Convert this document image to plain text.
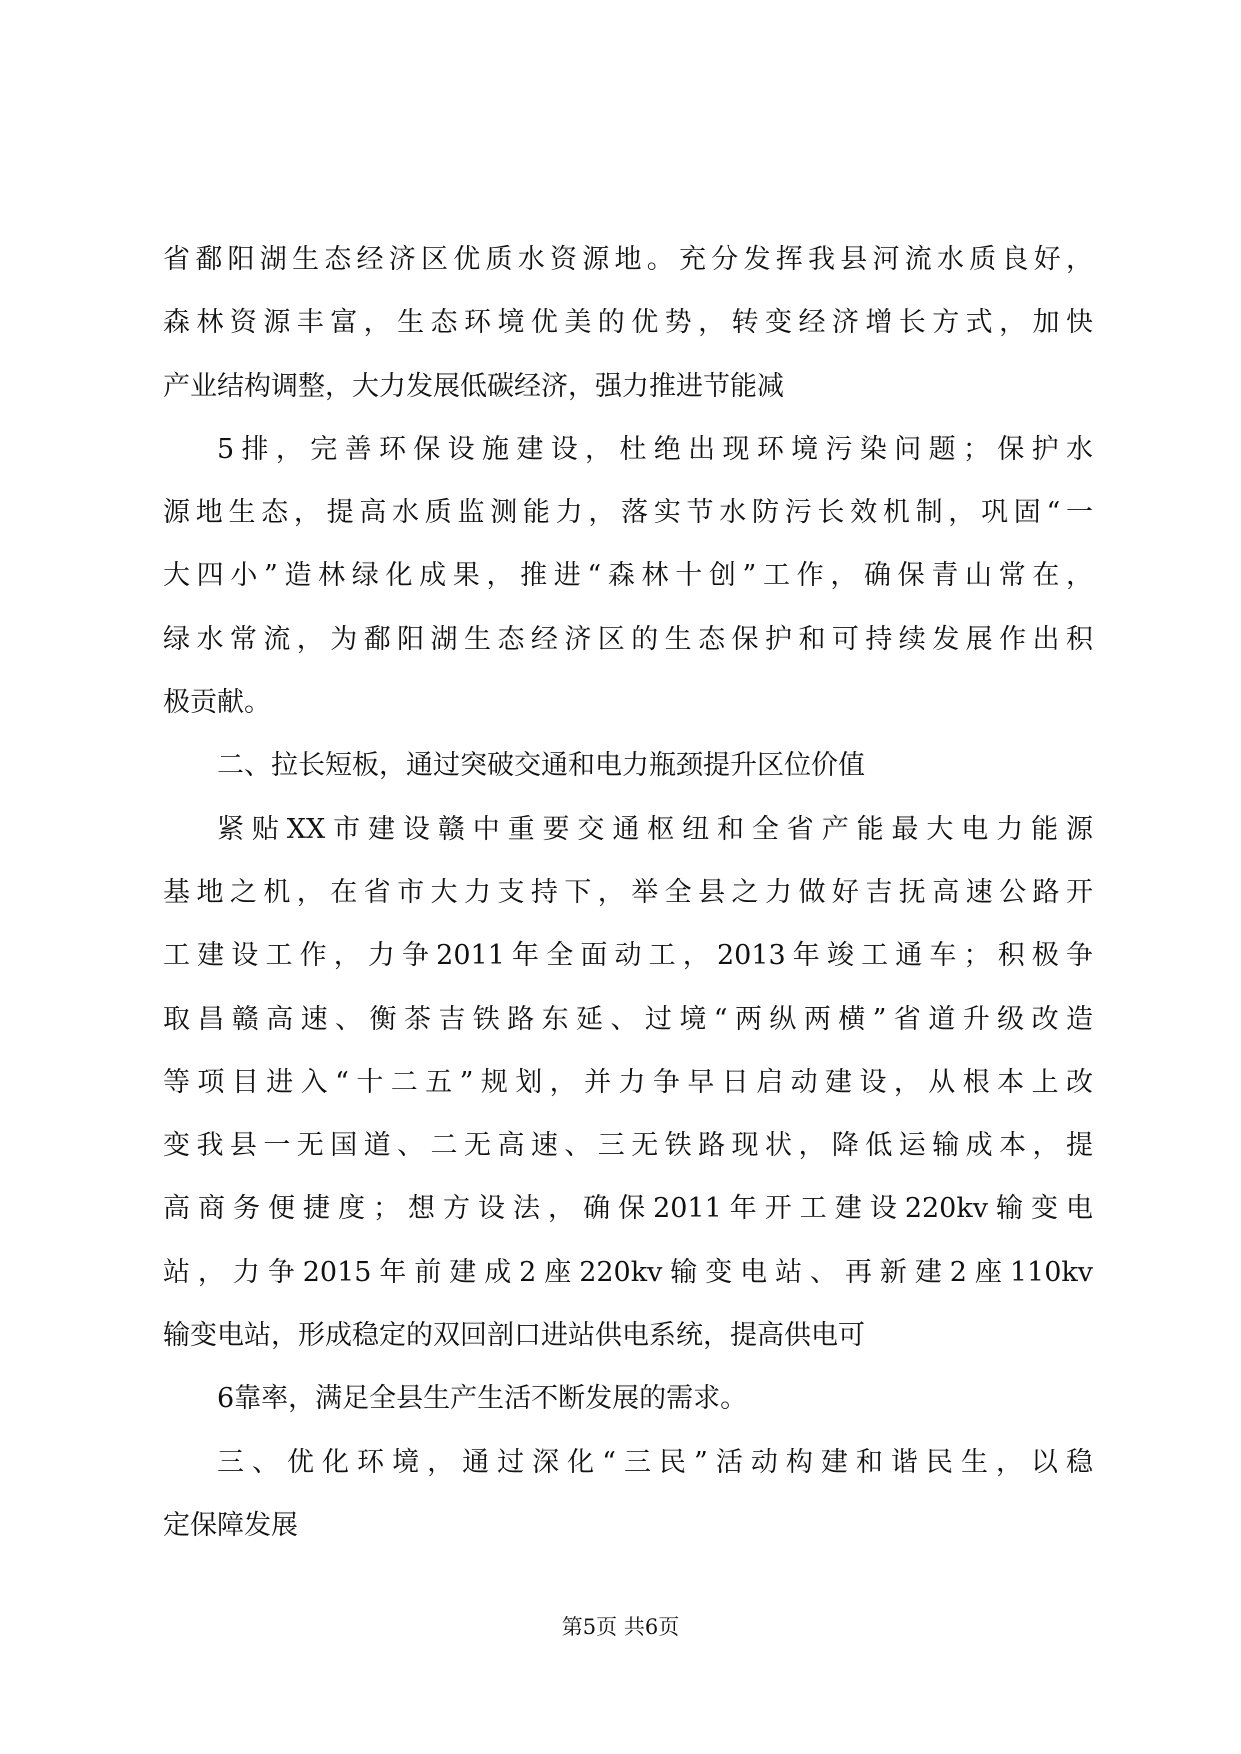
省鄱阳湖生态经济区优质水资源地。充分发挥我县河流水质良好，
森林资源丰富，生态环境优美的优势，转变经济增长方式，加快
产业结构调整，大力发展低碳经济，强力推进节能减
5排，完善环保设施建设，杜绝出现环境污染问题；保护水
源地生态，提高水质监测能力，落实节水防污长效机制，巩固“一
大四小”造林绿化成果，推进“森林十创”工作，确保青山常在，
绿水常流，为鄱阳湖生态经济区的生态保护和可持续发展作出积
极贡献。
二、拉长短板，通过突破交通和电力瓶颈提升区位价值
紧贴XX市建设赣中重要交通枢纽和全省产能最大电力能源
基地之机，在省市大力支持下，举全县之力做好吉抚高速公路开
工建设工作，力争2011年全面动工，2013年竣工通车；积极争
取昌赣高速、衡茶吉铁路东延、过境“两纵两横”省道升级改造
等项目进入“十二五”规划，并力争早日启动建设，从根本上改
变我县一无国道、二无高速、三无铁路现状，降低运输成本，提
高商务便捷度；想方设法，确保2011年开工建设220kv输变电
站，力争2015年前建成2座220kv输变电站、再新建2座110kv
输变电站，形成稳定的双回剖口进站供电系统，提高供电可
6靠率，满足全县生产生活不断发展的需求。
三、优化环境，通过深化“三民”活动构建和谐民生，以稳
定保障发展
第5页 共6页
